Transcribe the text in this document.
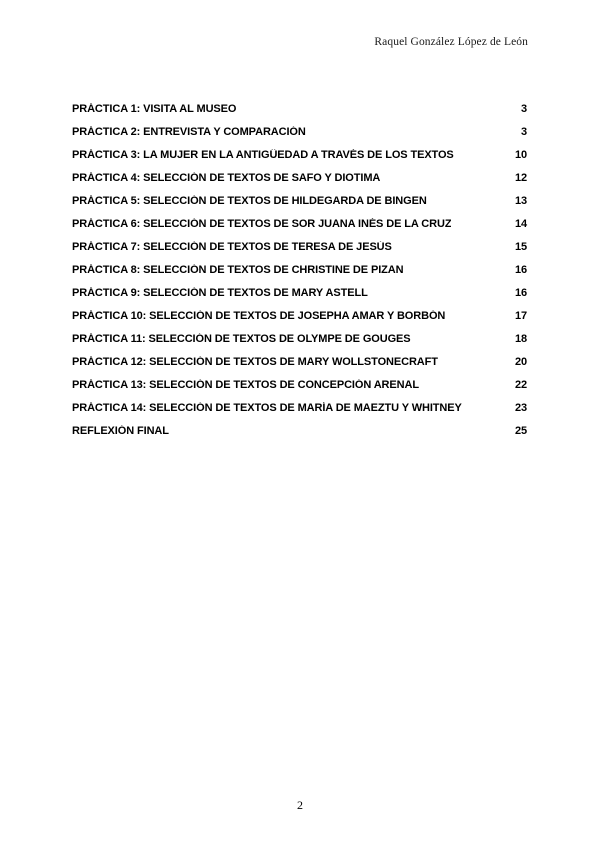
Raquel González López de León
PRÁCTICA 1: VISITA AL MUSEO	3
PRÁCTICA 2: ENTREVISTA Y COMPARACIÓN	3
PRÁCTICA 3: LA MUJER EN LA ANTIGÜEDAD A TRAVÉS DE LOS TEXTOS	10
PRÁCTICA 4: SELECCIÓN DE TEXTOS DE SAFO Y DIOTIMA	12
PRÁCTICA 5: SELECCIÓN DE TEXTOS DE HILDEGARDA DE BINGEN	13
PRÁCTICA 6: SELECCIÓN DE TEXTOS DE SOR JUANA INÉS DE LA CRUZ	14
PRÁCTICA 7: SELECCIÓN DE TEXTOS DE TERESA DE JESÚS	15
PRÁCTICA 8: SELECCIÓN DE TEXTOS DE CHRISTINE DE PIZAN	16
PRÁCTICA 9: SELECCIÓN DE TEXTOS DE MARY ASTELL	16
PRÁCTICA 10: SELECCIÓN DE TEXTOS DE JOSEPHA AMAR Y BORBÓN	17
PRÁCTICA 11: SELECCIÓN DE TEXTOS DE OLYMPE DE GOUGES	18
PRÁCTICA 12: SELECCIÓN DE TEXTOS DE MARY WOLLSTONECRAFT	20
PRÁCTICA 13: SELECCIÓN DE TEXTOS DE CONCEPCIÓN ARENAL	22
PRÁCTICA 14: SELECCIÓN DE TEXTOS DE MARÍA DE MAEZTU Y WHITNEY	23
REFLEXIÓN FINAL	25
2
